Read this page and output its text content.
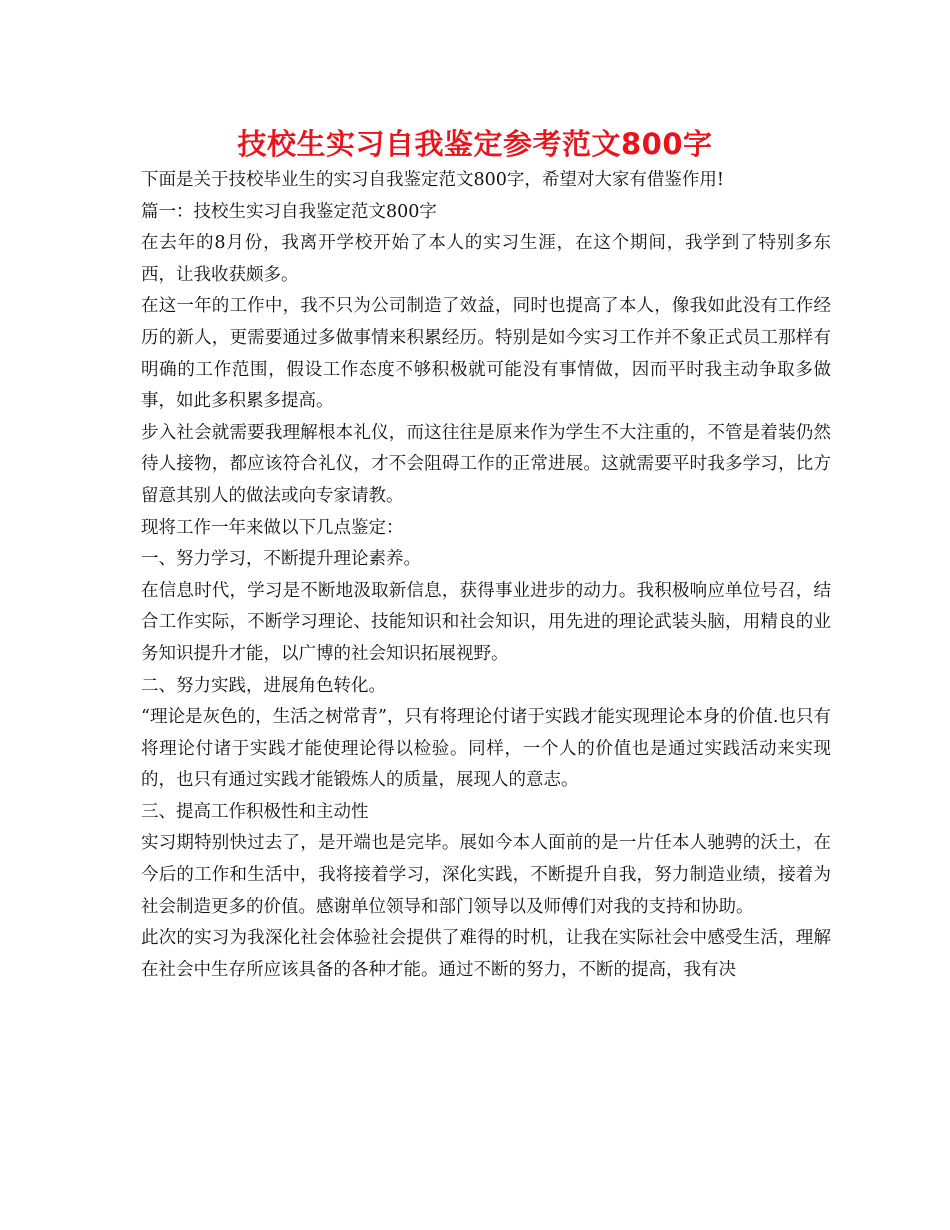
技校生实习自我鉴定参考范文800字

下面是关于技校毕业生的实习自我鉴定范文800字，希望对大家有借鉴作用!

篇一：技校生实习自我鉴定范文800字

在去年的8月份，我离开学校开始了本人的实习生涯，在这个期间，我学到了特别多东西，让我收获颇多。

在这一年的工作中，我不只为公司制造了效益，同时也提高了本人，像我如此没有工作经历的新人，更需要通过多做事情来积累经历。特别是如今实习工作并不象正式员工那样有明确的工作范围，假设工作态度不够积极就可能没有事情做，因而平时我主动争取多做事，如此多积累多提高。

步入社会就需要我理解根本礼仪，而这往往是原来作为学生不大注重的，不管是着装仍然待人接物，都应该符合礼仪，才不会阻碍工作的正常进展。这就需要平时我多学习，比方留意其别人的做法或向专家请教。

现将工作一年来做以下几点鉴定：

一、努力学习，不断提升理论素养。

在信息时代，学习是不断地汲取新信息，获得事业进步的动力。我积极响应单位号召，结合工作实际，不断学习理论、技能知识和社会知识，用先进的理论武装头脑，用精良的业务知识提升才能，以广博的社会知识拓展视野。

二、努力实践，进展角色转化。

“理论是灰色的，生活之树常青”，只有将理论付诸于实践才能实现理论本身的价值.也只有将理论付诸于实践才能使理论得以检验。同样，一个人的价值也是通过实践活动来实现的，也只有通过实践才能锻炼人的质量，展现人的意志。

三、提高工作积极性和主动性

实习期特别快过去了，是开端也是完毕。展如今本人面前的是一片任本人驰骋的沃土，在今后的工作和生活中，我将接着学习，深化实践，不断提升自我，努力制造业绩，接着为社会制造更多的价值。感谢单位领导和部门领导以及师傅们对我的支持和协助。

此次的实习为我深化社会体验社会提供了难得的时机，让我在实际社会中感受生活，理解在社会中生存所应该具备的各种才能。通过不断的努力，不断的提高，我有决
